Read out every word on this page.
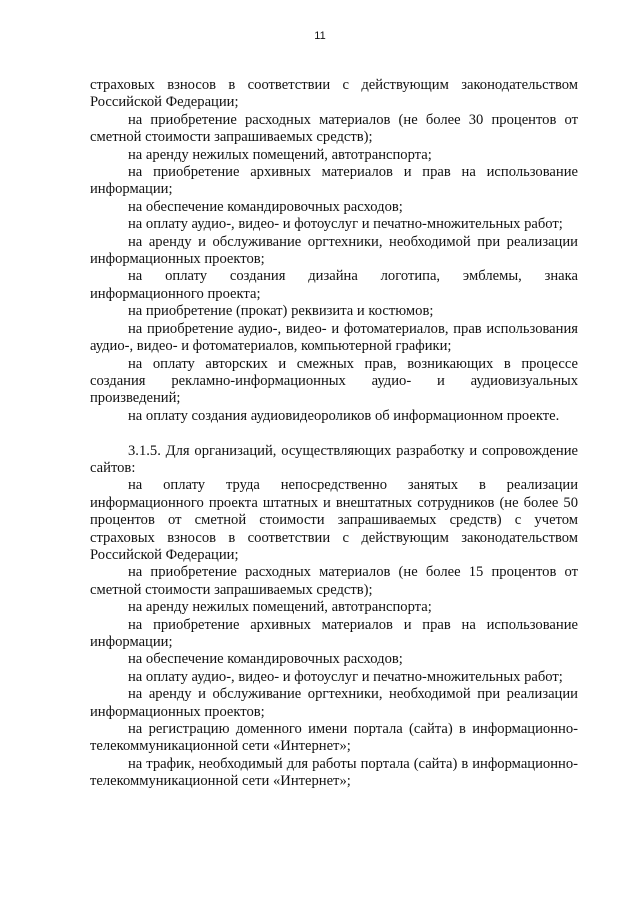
11

страховых взносов в соответствии с действующим законодательством Российской Федерации;

на приобретение расходных материалов (не более 30 процентов от сметной стоимости запрашиваемых средств);

на аренду нежилых помещений, автотранспорта;

на приобретение архивных материалов и прав на использование информации;

на обеспечение командировочных расходов;

на оплату аудио-, видео- и фотоуслуг и печатно-множительных работ;

на аренду и обслуживание оргтехники, необходимой при реализации информационных проектов;

на оплату создания дизайна логотипа, эмблемы, знака информационного проекта;

на приобретение (прокат) реквизита и костюмов;

на приобретение аудио-, видео- и фотоматериалов, прав использования аудио-, видео- и фотоматериалов, компьютерной графики;

на оплату авторских и смежных прав, возникающих в процессе создания рекламно-информационных аудио- и аудиовизуальных произведений;

на оплату создания аудиовидеороликов об информационном проекте.

3.1.5. Для организаций, осуществляющих разработку и сопровождение сайтов:

на оплату труда непосредственно занятых в реализации информационного проекта штатных и внештатных сотрудников (не более 50 процентов от сметной стоимости запрашиваемых средств) с учетом страховых взносов в соответствии с действующим законодательством Российской Федерации;

на приобретение расходных материалов (не более 15 процентов от сметной стоимости запрашиваемых средств);

на аренду нежилых помещений, автотранспорта;

на приобретение архивных материалов и прав на использование информации;

на обеспечение командировочных расходов;

на оплату аудио-, видео- и фотоуслуг и печатно-множительных работ;

на аренду и обслуживание оргтехники, необходимой при реализации информационных проектов;

на регистрацию доменного имени портала (сайта) в информационно-телекоммуникационной сети «Интернет»;

на трафик, необходимый для работы портала (сайта) в информационно-телекоммуникационной сети «Интернет»;
